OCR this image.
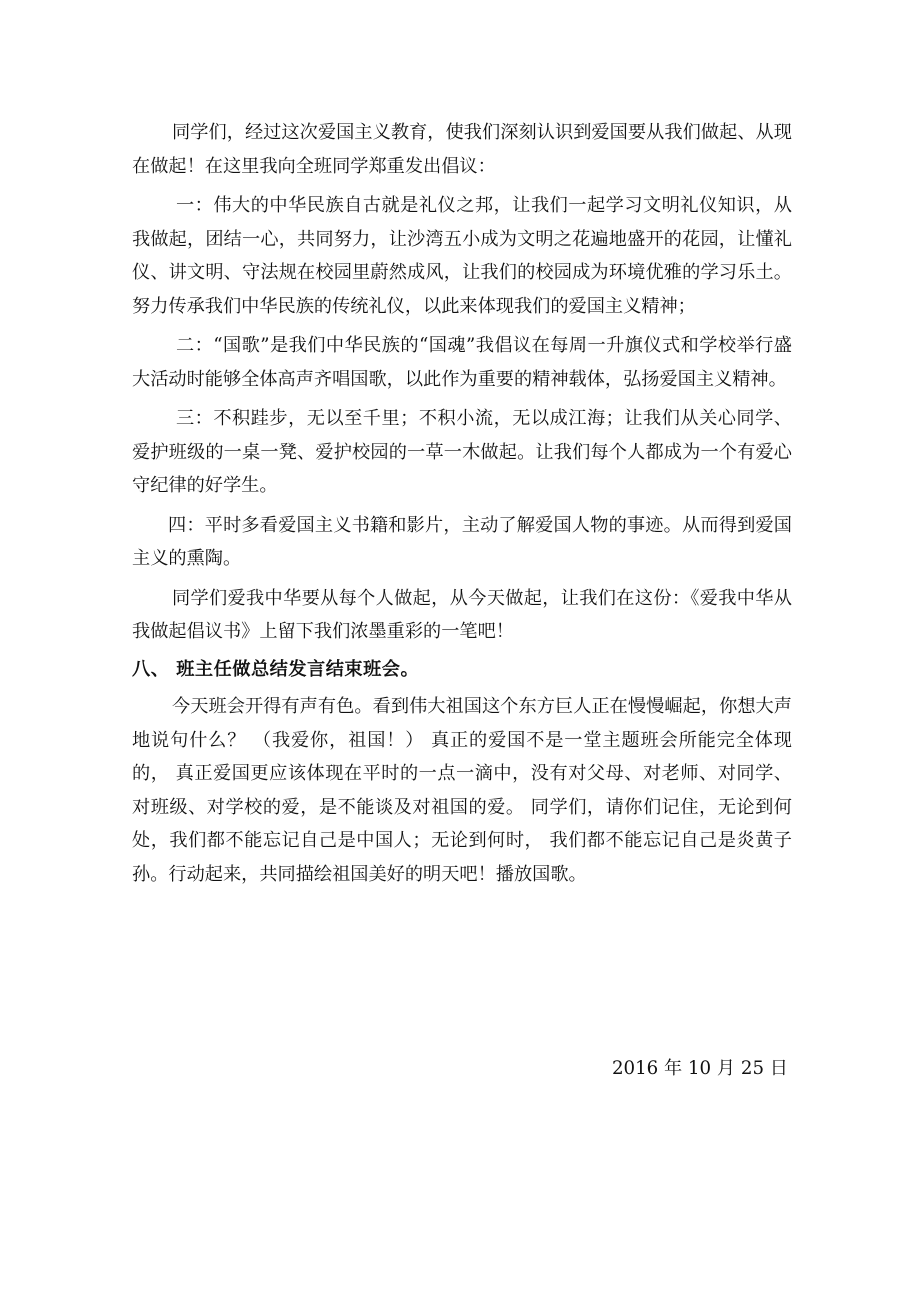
同学们，经过这次爱国主义教育，使我们深刻认识到爱国要从我们做起、从现在做起！在这里我向全班同学郑重发出倡议：

一：伟大的中华民族自古就是礼仪之邦，让我们一起学习文明礼仪知识，从我做起，团结一心，共同努力，让沙湾五小成为文明之花遍地盛开的花园，让懂礼仪、讲文明、守法规在校园里蔚然成风，让我们的校园成为环境优雅的学习乐土。努力传承我们中华民族的传统礼仪，以此来体现我们的爱国主义精神；

二：“国歌”是我们中华民族的“国魂”我倡议在每周一升旗仪式和学校举行盛大活动时能够全体高声齐唱国歌，以此作为重要的精神载体，弘扬爱国主义精神。

三：不积跬步，无以至千里；不积小流，无以成江海；让我们从关心同学、爱护班级的一桌一凳、爱护校园的一草一木做起。让我们每个人都成为一个有爱心守纪律的好学生。

四：平时多看爱国主义书籍和影片，主动了解爱国人物的事迹。从而得到爱国主义的熏陶。

同学们爱我中华要从每个人做起，从今天做起，让我们在这份：《爱我中华从我做起倡议书》上留下我们浓墨重彩的一笔吧！

八、 班主任做总结发言结束班会。

今天班会开得有声有色。看到伟大祖国这个东方巨人正在慢慢崛起，你想大声地说句什么？ （我爱你，祖国！） 真正的爱国不是一堂主题班会所能完全体现的， 真正爱国更应该体现在平时的一点一滴中，没有对父母、对老师、对同学、对班级、对学校的爱，是不能谈及对祖国的爱。 同学们，请你们记住，无论到何处，我们都不能忘记自己是中国人；无论到何时， 我们都不能忘记自己是炎黄子孙。行动起来，共同描绘祖国美好的明天吧！播放国歌。

2016 年 10 月 25 日
